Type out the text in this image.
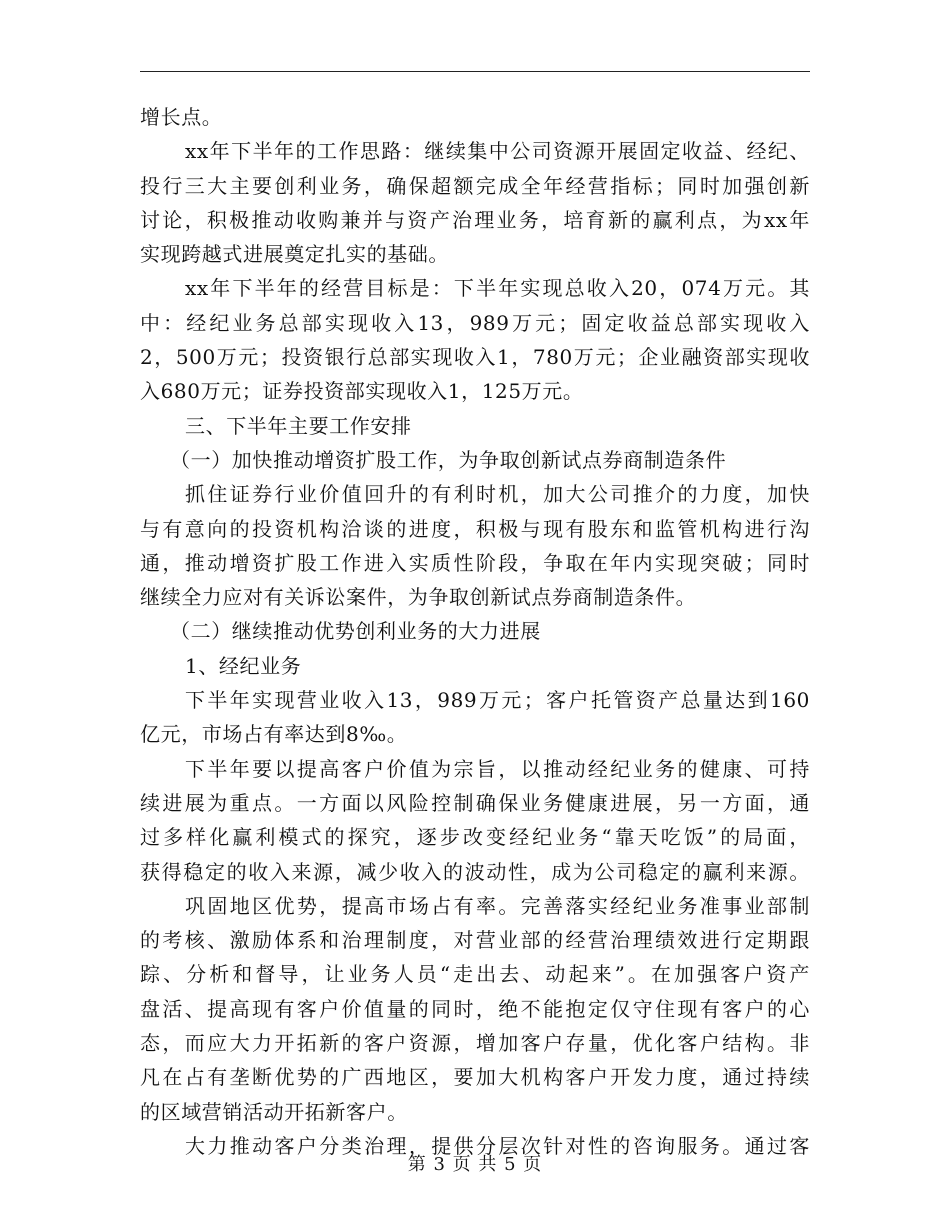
增长点。
xx年下半年的工作思路：继续集中公司资源开展固定收益、经纪、
投行三大主要创利业务，确保超额完成全年经营指标；同时加强创新
讨论，积极推动收购兼并与资产治理业务，培育新的赢利点，为xx年
实现跨越式进展奠定扎实的基础。
xx年下半年的经营目标是：下半年实现总收入20，074万元。其
中：经纪业务总部实现收入13，989万元；固定收益总部实现收入
2，500万元；投资银行总部实现收入1，780万元；企业融资部实现收
入680万元；证券投资部实现收入1，125万元。
三、下半年主要工作安排
（一）加快推动增资扩股工作，为争取创新试点券商制造条件
抓住证券行业价值回升的有利时机，加大公司推介的力度，加快
与有意向的投资机构洽谈的进度，积极与现有股东和监管机构进行沟
通，推动增资扩股工作进入实质性阶段，争取在年内实现突破；同时
继续全力应对有关诉讼案件，为争取创新试点券商制造条件。
（二）继续推动优势创利业务的大力进展
1、经纪业务
下半年实现营业收入13，989万元；客户托管资产总量达到160
亿元，市场占有率达到8‰。
下半年要以提高客户价值为宗旨，以推动经纪业务的健康、可持
续进展为重点。一方面以风险控制确保业务健康进展，另一方面，通
过多样化赢利模式的探究，逐步改变经纪业务“靠天吃饭”的局面，
获得稳定的收入来源，减少收入的波动性，成为公司稳定的赢利来源。
巩固地区优势，提高市场占有率。完善落实经纪业务准事业部制
的考核、激励体系和治理制度，对营业部的经营治理绩效进行定期跟
踪、分析和督导，让业务人员“走出去、动起来”。在加强客户资产
盘活、提高现有客户价值量的同时，绝不能抱定仅守住现有客户的心
态，而应大力开拓新的客户资源，增加客户存量，优化客户结构。非
凡在占有垄断优势的广西地区，要加大机构客户开发力度，通过持续
的区域营销活动开拓新客户。
大力推动客户分类治理，提供分层次针对性的咨询服务。通过客
第 3 页 共 5 页
